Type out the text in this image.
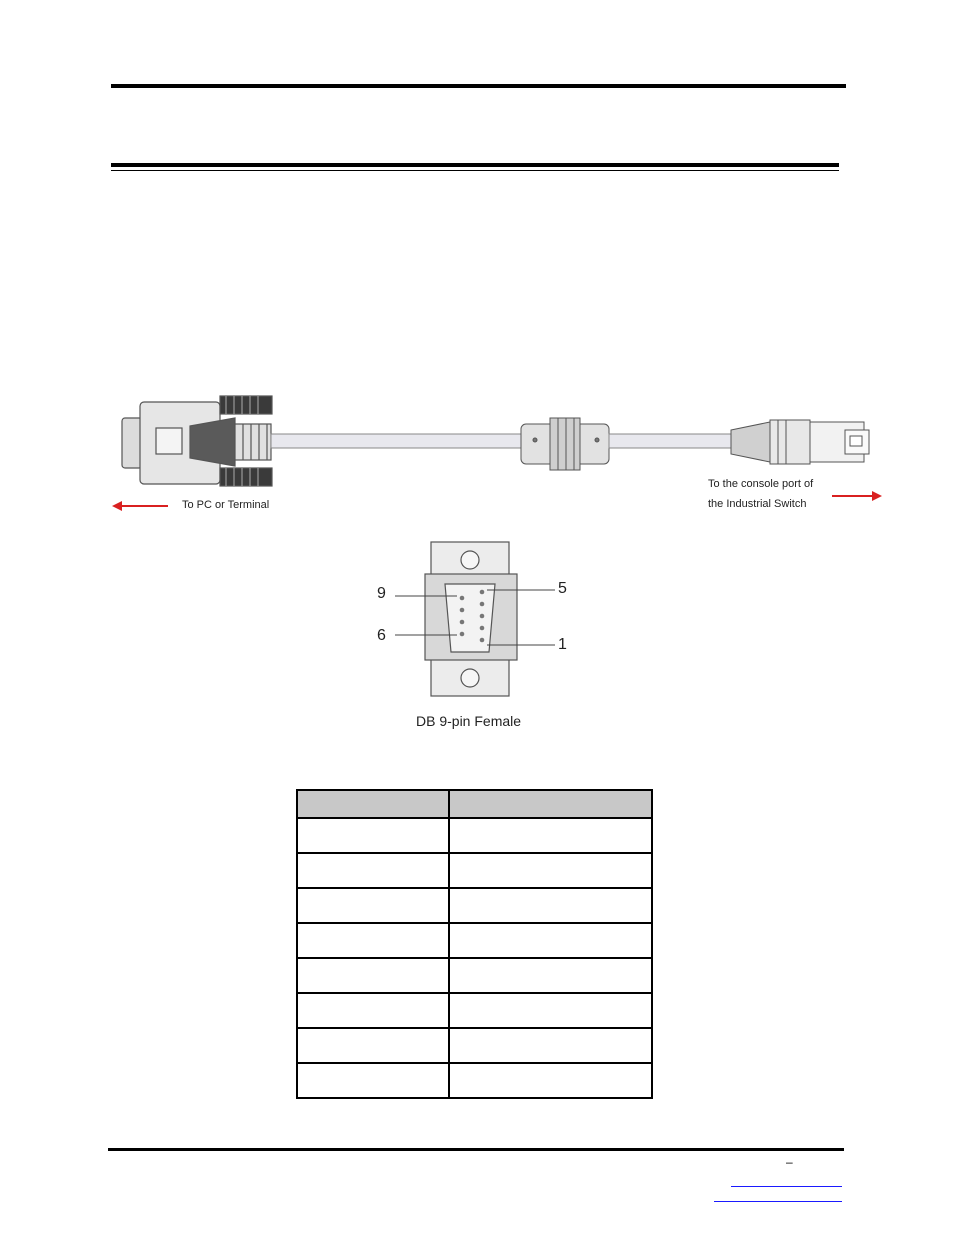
To PC or Terminal
To the console port of
the Industrial Switch
9
6
5
1
DB 9-pin Female

–
